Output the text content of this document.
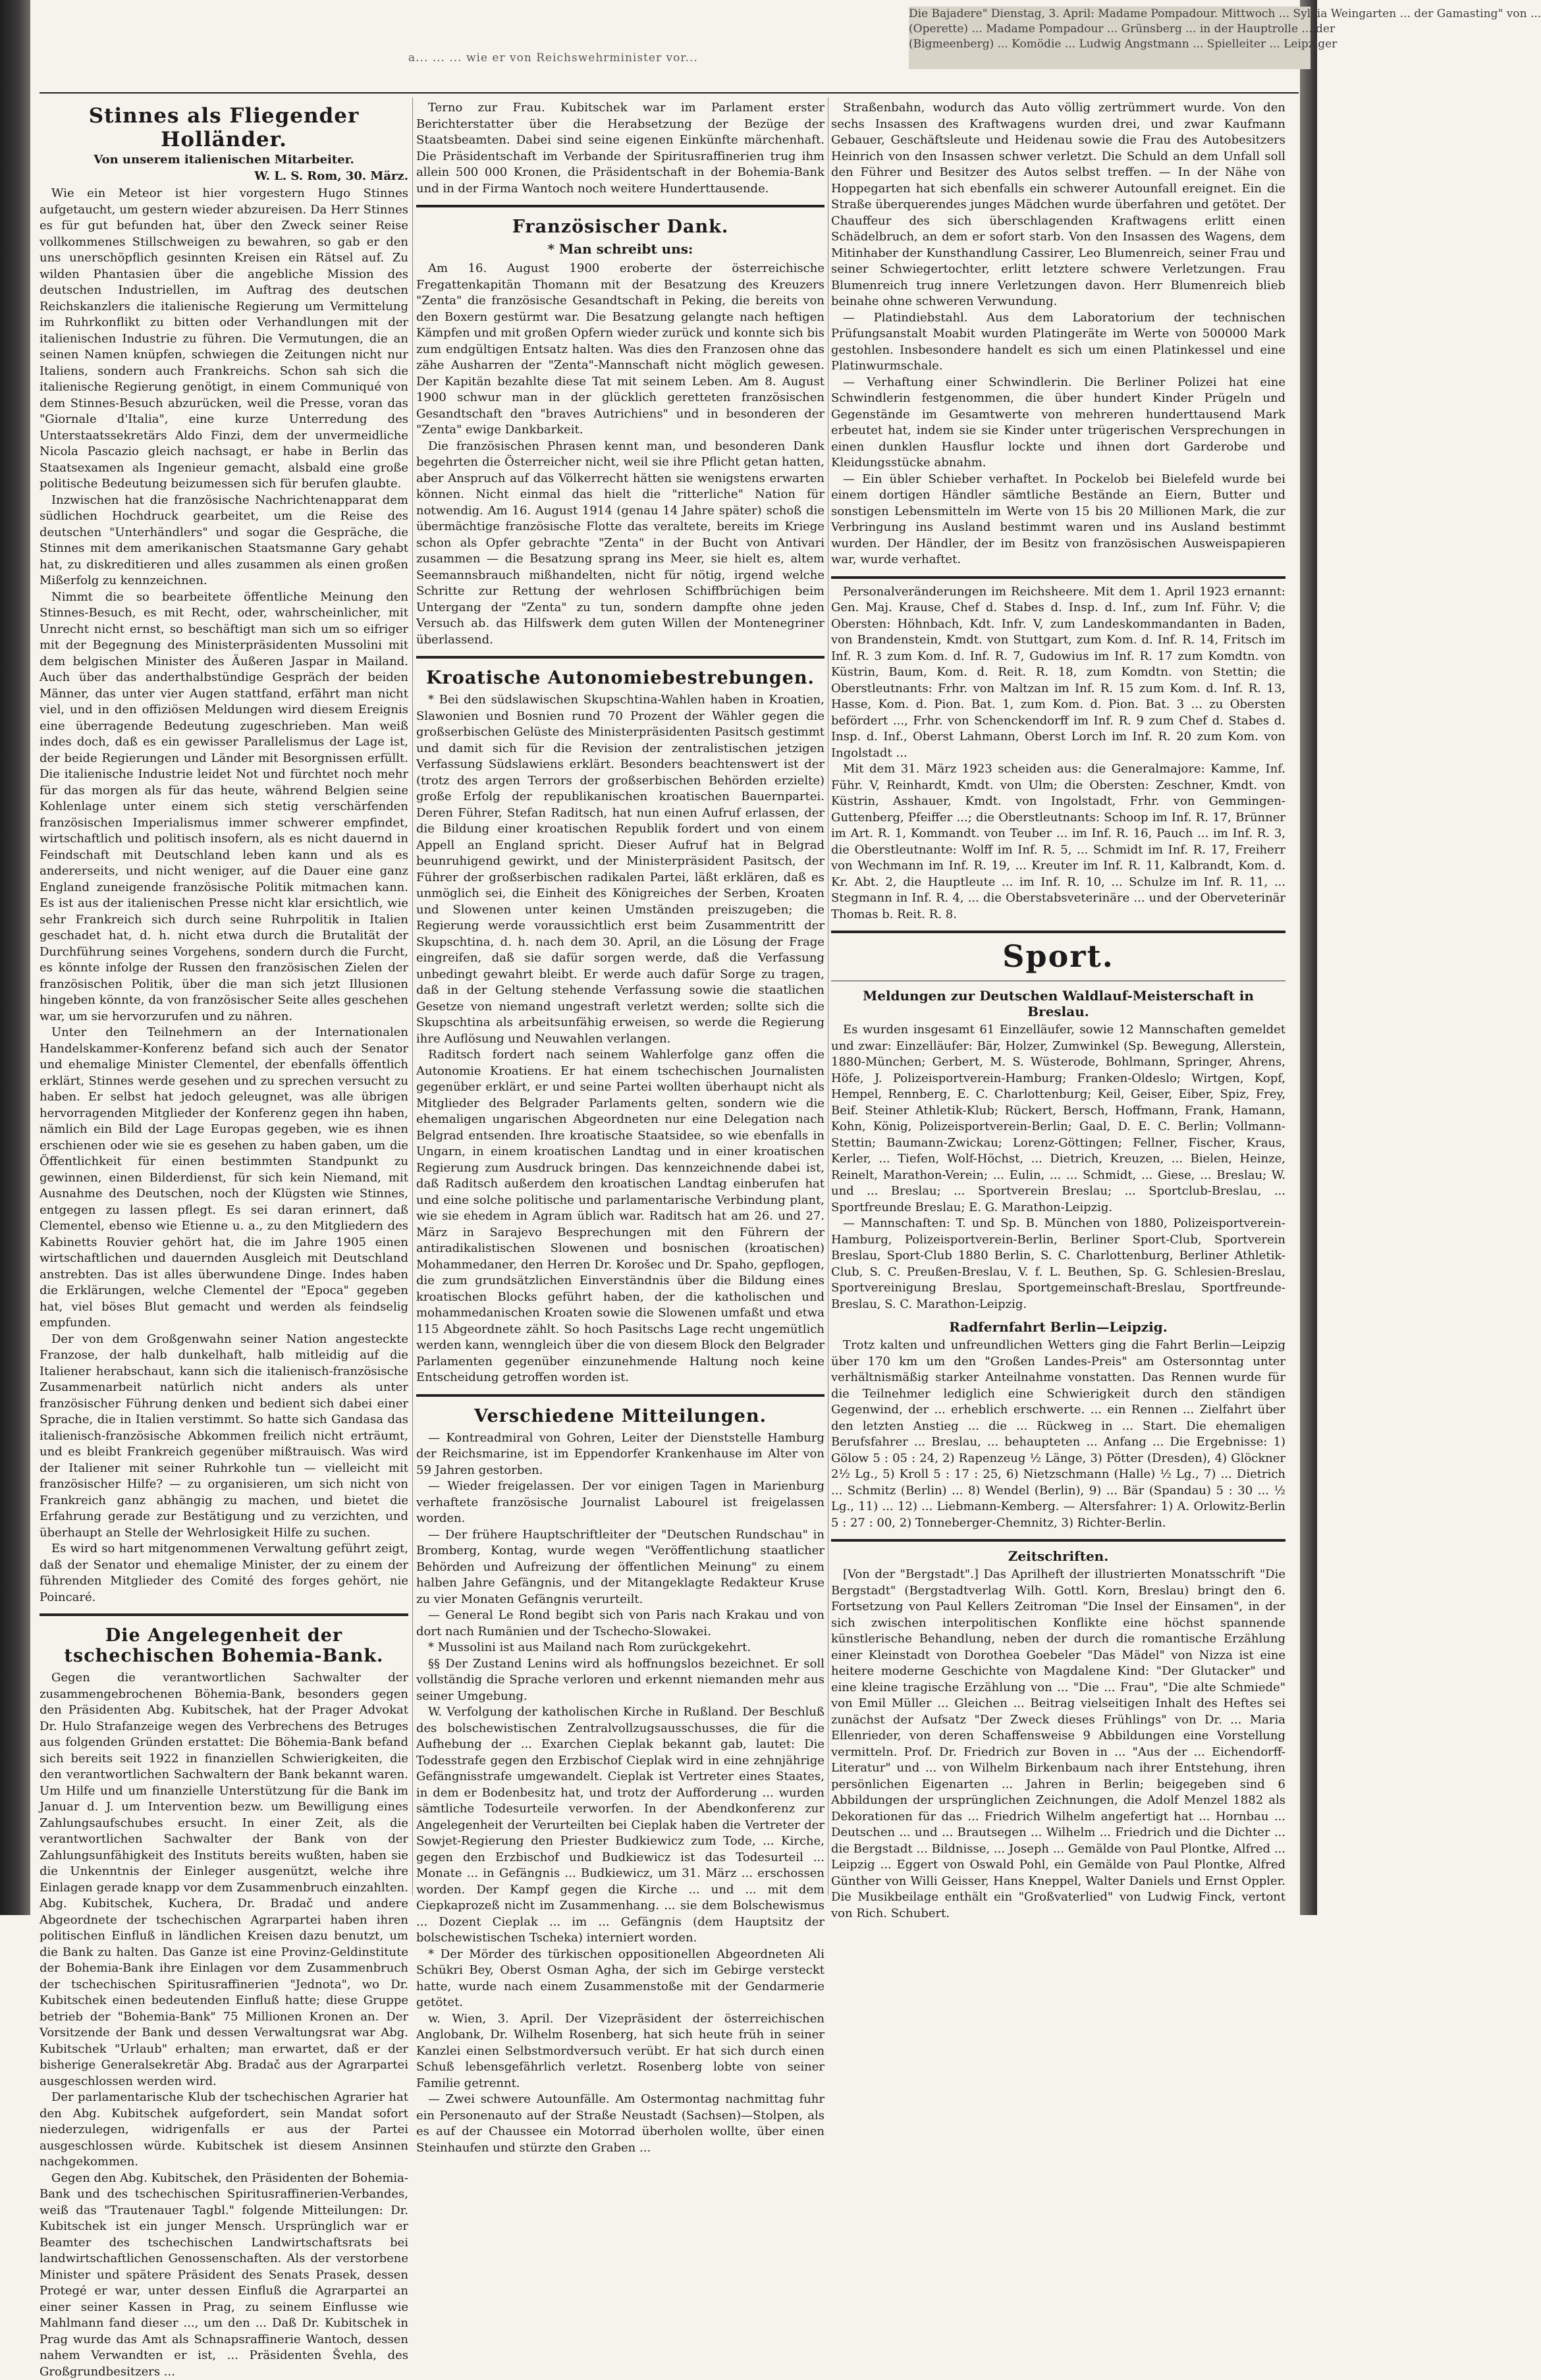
Die Bajadere" Dienstag, 3. April: Madame Pompadour. Mittwoch ... Sylvia Weingarten ... der Gamasting" von ...

(Operette) ... Madame Pompadour ... Grünsberg ... in der Hauptrolle ... der

(Bigmeenberg) ... Komödie ... Ludwig Angstmann ... Spielleiter ... Leipziger

a... ... ... wie er von Reichswehrminister vor...
Stinnes als Fliegender Holländer.
Von unserem italienischen Mitarbeiter.
W. L. S. Rom, 30. März.

Wie ein Meteor ist hier vorgestern Hugo Stinnes aufgetaucht, um gestern wieder abzureisen. Da Herr Stinnes es für gut befunden hat, über den Zweck seiner Reise vollkommenes Stillschweigen zu bewahren, so gab er den uns unerschöpflich gesinnten Kreisen ein Rätsel auf. Zu wilden Phantasien über die angebliche Mission des deutschen Industriellen, im Auftrag des deutschen Reichskanzlers die italienische Regierung um Vermittelung im Ruhrkonflikt zu bitten oder Verhandlungen mit der italienischen Industrie zu führen. Die Vermutungen, die an seinen Namen knüpfen, schwiegen die Zeitungen nicht nur Italiens, sondern auch Frankreichs. Schon sah sich die italienische Regierung genötigt, in einem Communiqué von dem Stinnes-Besuch abzurücken, weil die Presse, voran das "Giornale d'Italia", eine kurze Unterredung des Unterstaatssekretärs Aldo Finzi, dem der unvermeidliche Nicola Pascazio gleich nachsagt, er habe in Berlin das Staatsexamen als Ingenieur gemacht, alsbald eine große politische Bedeutung beizumessen sich für berufen glaubte.

Inzwischen hat die französische Nachrichtenapparat dem südlichen Hochdruck gearbeitet, um die Reise des deutschen "Unterhändlers" und sogar die Gespräche, die Stinnes mit dem amerikanischen Staatsmanne Gary gehabt hat, zu diskreditieren und alles zusammen als einen großen Mißerfolg zu kennzeichnen.

Nimmt die so bearbeitete öffentliche Meinung den Stinnes-Besuch, es mit Recht, oder, wahrscheinlicher, mit Unrecht nicht ernst, so beschäftigt man sich um so eifriger mit der Begegnung des Ministerpräsidenten Mussolini mit dem belgischen Minister des Äußeren Jaspar in Mailand. Auch über das anderthalbstündige Gespräch der beiden Männer, das unter vier Augen stattfand, erfährt man nicht viel, und in den offiziösen Meldungen wird diesem Ereignis eine überragende Bedeutung zugeschrieben. Man weiß indes doch, daß es ein gewisser Parallelismus der Lage ist, der beide Regierungen und Länder mit Besorgnissen erfüllt. Die italienische Industrie leidet Not und fürchtet noch mehr für das morgen als für das heute, während Belgien seine Kohlenlage unter einem sich stetig verschärfenden französischen Imperialismus immer schwerer empfindet, wirtschaftlich und politisch insofern, als es nicht dauernd in Feindschaft mit Deutschland leben kann und als es andererseits, und nicht weniger, auf die Dauer eine ganz England zuneigende französische Politik mitmachen kann. Es ist aus der italienischen Presse nicht klar ersichtlich, wie sehr Frankreich sich durch seine Ruhrpolitik in Italien geschadet hat, d. h. nicht etwa durch die Brutalität der Durchführung seines Vorgehens, sondern durch die Furcht, es könnte infolge der Russen den französischen Zielen der französischen Politik, über die man sich jetzt Illusionen hingeben könnte, da von französischer Seite alles geschehen war, um sie hervorzurufen und zu nähren.

Unter den Teilnehmern an der Internationalen Handelskammer-Konferenz befand sich auch der Senator und ehemalige Minister Clementel, der ebenfalls öffentlich erklärt, Stinnes werde gesehen und zu sprechen versucht zu haben. Er selbst hat jedoch geleugnet, was alle übrigen hervorragenden Mitglieder der Konferenz gegen ihn haben, nämlich ein Bild der Lage Europas gegeben, wie es ihnen erschienen oder wie sie es gesehen zu haben gaben, um die Öffentlichkeit für einen bestimmten Standpunkt zu gewinnen, einen Bilderdienst, für sich kein Niemand, mit Ausnahme des Deutschen, noch der Klügsten wie Stinnes, entgegen zu lassen pflegt. Es sei daran erinnert, daß Clementel, ebenso wie Etienne u. a., zu den Mitgliedern des Kabinetts Rouvier gehört hat, die im Jahre 1905 einen wirtschaftlichen und dauernden Ausgleich mit Deutschland anstrebten. Das ist alles überwundene Dinge. Indes haben die Erklärungen, welche Clementel der "Epoca" gegeben hat, viel böses Blut gemacht und werden als feindselig empfunden.

Der von dem Großgenwahn seiner Nation angesteckte Franzose, der halb dunkelhaft, halb mitleidig auf die Italiener herabschaut, kann sich die italienisch-französische Zusammenarbeit natürlich nicht anders als unter französischer Führung denken und bedient sich dabei einer Sprache, die in Italien verstimmt. So hatte sich Gandasa das italienisch-französische Abkommen freilich nicht erträumt, und es bleibt Frankreich gegenüber mißtrauisch. Was wird der Italiener mit seiner Ruhrkohle tun — vielleicht mit französischer Hilfe? — zu organisieren, um sich nicht von Frankreich ganz abhängig zu machen, und bietet die Erfahrung gerade zur Bestätigung und zu verzichten, und überhaupt an Stelle der Wehrlosigkeit Hilfe zu suchen.

Es wird so hart mitgenommenen Verwaltung geführt zeigt, daß der Senator und ehemalige Minister, der zu einem der führenden Mitglieder des Comité des forges gehört, nie Poincaré.

Die Angelegenheit der tschechischen Bohemia-Bank.

Gegen die verantwortlichen Sachwalter der zusammengebrochenen Böhemia-Bank, besonders gegen den Präsidenten Abg. Kubitschek, hat der Prager Advokat Dr. Hulo Strafanzeige wegen des Verbrechens des Betruges aus folgenden Gründen erstattet: Die Böhemia-Bank befand sich bereits seit 1922 in finanziellen Schwierigkeiten, die den verantwortlichen Sachwaltern der Bank bekannt waren. Um Hilfe und um finanzielle Unterstützung für die Bank im Januar d. J. um Intervention bezw. um Bewilligung eines Zahlungsaufschubes ersucht. In einer Zeit, als die verantwortlichen Sachwalter der Bank von der Zahlungsunfähigkeit des Instituts bereits wußten, haben sie die Unkenntnis der Einleger ausgenützt, welche ihre Einlagen gerade knapp vor dem Zusammenbruch einzahlten. Abg. Kubitschek, Kuchera, Dr. Bradač und andere Abgeordnete der tschechischen Agrarpartei haben ihren politischen Einfluß in ländlichen Kreisen dazu benutzt, um die Bank zu halten. Das Ganze ist eine Provinz-Geldinstitute der Bohemia-Bank ihre Einlagen vor dem Zusammenbruch der tschechischen Spiritusraffinerien "Jednota", wo Dr. Kubitschek einen bedeutenden Einfluß hatte; diese Gruppe betrieb der "Bohemia-Bank" 75 Millionen Kronen an. Der Vorsitzende der Bank und dessen Verwaltungsrat war Abg. Kubitschek "Urlaub" erhalten; man erwartet, daß er der bisherige Generalsekretär Abg. Bradač aus der Agrarpartei ausgeschlossen werden wird.

Der parlamentarische Klub der tschechischen Agrarier hat den Abg. Kubitschek aufgefordert, sein Mandat sofort niederzulegen, widrigenfalls er aus der Partei ausgeschlossen würde. Kubitschek ist diesem Ansinnen nachgekommen.

Gegen den Abg. Kubitschek, den Präsidenten der Bohemia-Bank und des tschechischen Spiritusraffinerien-Verbandes, weiß das "Trautenauer Tagbl." folgende Mitteilungen: Dr. Kubitschek ist ein junger Mensch. Ursprünglich war er Beamter des tschechischen Landwirtschaftsrats bei landwirtschaftlichen Genossenschaften. Als der verstorbene Minister und spätere Präsident des Senats Prasek, dessen Protegé er war, unter dessen Einfluß die Agrarpartei an einer seiner Kassen in Prag, zu seinem Einflusse wie Mahlmann fand dieser ..., um den ... Daß Dr. Kubitschek in Prag wurde das Amt als Schnapsraffinerie Wantoch, dessen nahem Verwandten er ist, ... Präsidenten Švehla, des Großgrundbesitzers ...

Terno zur Frau. Kubitschek war im Parlament erster Berichterstatter über die Herabsetzung der Bezüge der Staatsbeamten. Dabei sind seine eigenen Einkünfte märchenhaft. Die Präsidentschaft im Verbande der Spiritusraffinerien trug ihm allein 500 000 Kronen, die Präsidentschaft in der Bohemia-Bank und in der Firma Wantoch noch weitere Hunderttausende.

Französischer Dank.
* Man schreibt uns:

Am 16. August 1900 eroberte der österreichische Fregattenkapitän Thomann mit der Besatzung des Kreuzers "Zenta" die französische Gesandtschaft in Peking, die bereits von den Boxern gestürmt war. Die Besatzung gelangte nach heftigen Kämpfen und mit großen Opfern wieder zurück und konnte sich bis zum endgültigen Entsatz halten. Was dies den Franzosen ohne das zähe Ausharren der "Zenta"-Mannschaft nicht möglich gewesen. Der Kapitän bezahlte diese Tat mit seinem Leben. Am 8. August 1900 schwur man in der glücklich geretteten französischen Gesandtschaft den "braves Autrichiens" und in besonderen der "Zenta" ewige Dankbarkeit.

Die französischen Phrasen kennt man, und besonderen Dank begehrten die Österreicher nicht, weil sie ihre Pflicht getan hatten, aber Anspruch auf das Völkerrecht hätten sie wenigstens erwarten können. Nicht einmal das hielt die "ritterliche" Nation für notwendig. Am 16. August 1914 (genau 14 Jahre später) schoß die übermächtige französische Flotte das veraltete, bereits im Kriege schon als Opfer gebrachte "Zenta" in der Bucht von Antivari zusammen — die Besatzung sprang ins Meer, sie hielt es, altem Seemannsbrauch mißhandelten, nicht für nötig, irgend welche Schritte zur Rettung der wehrlosen Schiffbrüchigen beim Untergang der "Zenta" zu tun, sondern dampfte ohne jeden Versuch ab. das Hilfswerk dem guten Willen der Montenegriner überlassend.

Kroatische Autonomiebestrebungen.

* Bei den südslawischen Skupschtina-Wahlen haben in Kroatien, Slawonien und Bosnien rund 70 Prozent der Wähler gegen die großserbischen Gelüste des Ministerpräsidenten Pasitsch gestimmt und damit sich für die Revision der zentralistischen jetzigen Verfassung Südslawiens erklärt. Besonders beachtenswert ist der (trotz des argen Terrors der großserbischen Behörden erzielte) große Erfolg der republikanischen kroatischen Bauernpartei. Deren Führer, Stefan Raditsch, hat nun einen Aufruf erlassen, der die Bildung einer kroatischen Republik fordert und von einem Appell an England spricht. Dieser Aufruf hat in Belgrad beunruhigend gewirkt, und der Ministerpräsident Pasitsch, der Führer der großserbischen radikalen Partei, läßt erklären, daß es unmöglich sei, die Einheit des Königreiches der Serben, Kroaten und Slowenen unter keinen Umständen preiszugeben; die Regierung werde voraussichtlich erst beim Zusammentritt der Skupschtina, d. h. nach dem 30. April, an die Lösung der Frage eingreifen, daß sie dafür sorgen werde, daß die Verfassung unbedingt gewahrt bleibt. Er werde auch dafür Sorge zu tragen, daß in der Geltung stehende Verfassung sowie die staatlichen Gesetze von niemand ungestraft verletzt werden; sollte sich die Skupschtina als arbeitsunfähig erweisen, so werde die Regierung ihre Auflösung und Neuwahlen verlangen.

Raditsch fordert nach seinem Wahlerfolge ganz offen die Autonomie Kroatiens. Er hat einem tschechischen Journalisten gegenüber erklärt, er und seine Partei wollten überhaupt nicht als Mitglieder des Belgrader Parlaments gelten, sondern wie die ehemaligen ungarischen Abgeordneten nur eine Delegation nach Belgrad entsenden. Ihre kroatische Staatsidee, so wie ebenfalls in Ungarn, in einem kroatischen Landtag und in einer kroatischen Regierung zum Ausdruck bringen. Das kennzeichnende dabei ist, daß Raditsch außerdem den kroatischen Landtag einberufen hat und eine solche politische und parlamentarische Verbindung plant, wie sie ehedem in Agram üblich war. Raditsch hat am 26. und 27. März in Sarajevo Besprechungen mit den Führern der antiradikalistischen Slowenen und bosnischen (kroatischen) Mohammedaner, den Herren Dr. Korošec und Dr. Spaho, gepflogen, die zum grundsätzlichen Einverständnis über die Bildung eines kroatischen Blocks geführt haben, der die katholischen und mohammedanischen Kroaten sowie die Slowenen umfaßt und etwa 115 Abgeordnete zählt. So hoch Pasitschs Lage recht ungemütlich werden kann, wenngleich über die von diesem Block den Belgrader Parlamenten gegenüber einzunehmende Haltung noch keine Entscheidung getroffen worden ist.

Verschiedene Mitteilungen.

— Kontreadmiral von Gohren, Leiter der Dienststelle Hamburg der Reichsmarine, ist im Eppendorfer Krankenhause im Alter von 59 Jahren gestorben.

— Wieder freigelassen. Der vor einigen Tagen in Marienburg verhaftete französische Journalist Labourel ist freigelassen worden.

— Der frühere Hauptschriftleiter der "Deutschen Rundschau" in Bromberg, Kontag, wurde wegen "Veröffentlichung staatlicher Behörden und Aufreizung der öffentlichen Meinung" zu einem halben Jahre Gefängnis, und der Mitangeklagte Redakteur Kruse zu vier Monaten Gefängnis verurteilt.

— General Le Rond begibt sich von Paris nach Krakau und von dort nach Rumänien und der Tschecho-Slowakei.

* Mussolini ist aus Mailand nach Rom zurückgekehrt.

§§ Der Zustand Lenins wird als hoffnungslos bezeichnet. Er soll vollständig die Sprache verloren und erkennt niemanden mehr aus seiner Umgebung.

W. Verfolgung der katholischen Kirche in Rußland. Der Beschluß des bolschewistischen Zentralvollzugsausschusses, die für die Aufhebung der ... Exarchen Cieplak bekannt gab, lautet: Die Todesstrafe gegen den Erzbischof Cieplak wird in eine zehnjährige Gefängnisstrafe umgewandelt. Cieplak ist Vertreter eines Staates, in dem er Bodenbesitz hat, und trotz der Aufforderung ... wurden sämtliche Todesurteile verworfen. In der Abendkonferenz zur Angelegenheit der Verurteilten bei Cieplak haben die Vertreter der Sowjet-Regierung den Priester Budkiewicz zum Tode, ... Kirche, gegen den Erzbischof und Budkiewicz ist das Todesurteil ... Monate ... in Gefängnis ... Budkiewicz, um 31. März ... erschossen worden. Der Kampf gegen die Kirche ... und ... mit dem Ciepkaprozeß nicht im Zusammenhang. ... sie dem Bolschewismus ... Dozent Cieplak ... im ... Gefängnis (dem Hauptsitz der bolschewistischen Tscheka) interniert worden.

* Der Mörder des türkischen oppositionellen Abgeordneten Ali Schükri Bey, Oberst Osman Agha, der sich im Gebirge versteckt hatte, wurde nach einem Zusammenstoße mit der Gendarmerie getötet.

w. Wien, 3. April. Der Vizepräsident der österreichischen Anglobank, Dr. Wilhelm Rosenberg, hat sich heute früh in seiner Kanzlei einen Selbstmordversuch verübt. Er hat sich durch einen Schuß lebensgefährlich verletzt. Rosenberg lobte von seiner Familie getrennt.

— Zwei schwere Autounfälle. Am Ostermontag nachmittag fuhr ein Personenauto auf der Straße Neustadt (Sachsen)—Stolpen, als es auf der Chaussee ein Motorrad überholen wollte, über einen Steinhaufen und stürzte den Graben ...

Straßenbahn, wodurch das Auto völlig zertrümmert wurde. Von den sechs Insassen des Kraftwagens wurden drei, und zwar Kaufmann Gebauer, Geschäftsleute und Heidenau sowie die Frau des Autobesitzers Heinrich von den Insassen schwer verletzt. Die Schuld an dem Unfall soll den Führer und Besitzer des Autos selbst treffen. — In der Nähe von Hoppegarten hat sich ebenfalls ein schwerer Autounfall ereignet. Ein die Straße überquerendes junges Mädchen wurde überfahren und getötet. Der Chauffeur des sich überschlagenden Kraftwagens erlitt einen Schädelbruch, an dem er sofort starb. Von den Insassen des Wagens, dem Mitinhaber der Kunsthandlung Cassirer, Leo Blumenreich, seiner Frau und seiner Schwiegertochter, erlitt letztere schwere Verletzungen. Frau Blumenreich trug innere Verletzungen davon. Herr Blumenreich blieb beinahe ohne schweren Verwundung.

— Platindiebstahl. Aus dem Laboratorium der technischen Prüfungsanstalt Moabit wurden Platingeräte im Werte von 500000 Mark gestohlen. Insbesondere handelt es sich um einen Platinkessel und eine Platinwurmschale.

— Verhaftung einer Schwindlerin. Die Berliner Polizei hat eine Schwindlerin festgenommen, die über hundert Kinder Prügeln und Gegenstände im Gesamtwerte von mehreren hunderttausend Mark erbeutet hat, indem sie sie Kinder unter trügerischen Versprechungen in einen dunklen Hausflur lockte und ihnen dort Garderobe und Kleidungsstücke abnahm.

— Ein übler Schieber verhaftet. In Pockelob bei Bielefeld wurde bei einem dortigen Händler sämtliche Bestände an Eiern, Butter und sonstigen Lebensmitteln im Werte von 15 bis 20 Millionen Mark, die zur Verbringung ins Ausland bestimmt waren und ins Ausland bestimmt wurden. Der Händler, der im Besitz von französischen Ausweispapieren war, wurde verhaftet.

Personalveränderungen im Reichsheere. Mit dem 1. April 1923 ernannt: Gen. Maj. Krause, Chef d. Stabes d. Insp. d. Inf., zum Inf. Führ. V; die Obersten: Höhnbach, Kdt. Infr. V, zum Landeskommandanten in Baden, von Brandenstein, Kmdt. von Stuttgart, zum Kom. d. Inf. R. 14, Fritsch im Inf. R. 3 zum Kom. d. Inf. R. 7, Gudowius im Inf. R. 17 zum Komdtn. von Küstrin, Baum, Kom. d. Reit. R. 18, zum Komdtn. von Stettin; die Oberstleutnants: Frhr. von Maltzan im Inf. R. 15 zum Kom. d. Inf. R. 13, Hasse, Kom. d. Pion. Bat. 1, zum Kom. d. Pion. Bat. 3 ... zu Obersten befördert ..., Frhr. von Schenckendorff im Inf. R. 9 zum Chef d. Stabes d. Insp. d. Inf., Oberst Lahmann, Oberst Lorch im Inf. R. 20 zum Kom. von Ingolstadt ...

Mit dem 31. März 1923 scheiden aus: die Generalmajore: Kamme, Inf. Führ. V, Reinhardt, Kmdt. von Ulm; die Obersten: Zeschner, Kmdt. von Küstrin, Asshauer, Kmdt. von Ingolstadt, Frhr. von Gemmingen-Guttenberg, Pfeiffer ...; die Oberstleutnants: Schoop im Inf. R. 17, Brünner im Art. R. 1, Kommandt. von Teuber ... im Inf. R. 16, Pauch ... im Inf. R. 3, die Oberstleutnante: Wolff im Inf. R. 5, ... Schmidt im Inf. R. 17, Freiherr von Wechmann im Inf. R. 19, ... Kreuter im Inf. R. 11, Kalbrandt, Kom. d. Kr. Abt. 2, die Hauptleute ... im Inf. R. 10, ... Schulze im Inf. R. 11, ... Stegmann in Inf. R. 4, ... die Oberstabsveterinäre ... und der Oberveterinär Thomas b. Reit. R. 8.

Sport.
Meldungen zur Deutschen Waldlauf-Meisterschaft in Breslau.

Es wurden insgesamt 61 Einzelläufer, sowie 12 Mannschaften gemeldet und zwar: Einzelläufer: Bär, Holzer, Zumwinkel (Sp. Bewegung, Allerstein, 1880-München; Gerbert, M. S. Wüsterode, Bohlmann, Springer, Ahrens, Höfe, J. Polizeisportverein-Hamburg; Franken-Oldeslo; Wirtgen, Kopf, Hempel, Rennberg, E. C. Charlottenburg; Keil, Geiser, Eiber, Spiz, Frey, Beif. Steiner Athletik-Klub; Rückert, Bersch, Hoffmann, Frank, Hamann, Kohn, König, Polizeisportverein-Berlin; Gaal, D. E. C. Berlin; Vollmann-Stettin; Baumann-Zwickau; Lorenz-Göttingen; Fellner, Fischer, Kraus, Kerler, ... Tiefen, Wolf-Höchst, ... Dietrich, Kreuzen, ... Bielen, Heinze, Reinelt, Marathon-Verein; ... Eulin, ... ... Schmidt, ... Giese, ... Breslau; W. und ... Breslau; ... Sportverein Breslau; ... Sportclub-Breslau, ... Sportfreunde Breslau; E. G. Marathon-Leipzig.

— Mannschaften: T. und Sp. B. München von 1880, Polizeisportverein-Hamburg, Polizeisportverein-Berlin, Berliner Sport-Club, Sportverein Breslau, Sport-Club 1880 Berlin, S. C. Charlottenburg, Berliner Athletik-Club, S. C. Preußen-Breslau, V. f. L. Beuthen, Sp. G. Schlesien-Breslau, Sportvereinigung Breslau, Sportgemeinschaft-Breslau, Sportfreunde-Breslau, S. C. Marathon-Leipzig.

Radfernfahrt Berlin—Leipzig.

Trotz kalten und unfreundlichen Wetters ging die Fahrt Berlin—Leipzig über 170 km um den "Großen Landes-Preis" am Ostersonntag unter verhältnismäßig starker Anteilnahme vonstatten. Das Rennen wurde für die Teilnehmer lediglich eine Schwierigkeit durch den ständigen Gegenwind, der ... erheblich erschwerte. ... ein Rennen ... Zielfahrt über den letzten Anstieg ... die ... Rückweg in ... Start. Die ehemaligen Berufsfahrer ... Breslau, ... behaupteten ... Anfang ... Die Ergebnisse: 1) Gölow 5 : 05 : 24, 2) Rapenzeug ½ Länge, 3) Pötter (Dresden), 4) Glöckner 2½ Lg., 5) Kroll 5 : 17 : 25, 6) Nietzschmann (Halle) ½ Lg., 7) ... Dietrich ... Schmitz (Berlin) ... 8) Wendel (Berlin), 9) ... Bär (Spandau) 5 : 30 ... ½ Lg., 11) ... 12) ... Liebmann-Kemberg. — Altersfahrer: 1) A. Orlowitz-Berlin 5 : 27 : 00, 2) Tonneberger-Chemnitz, 3) Richter-Berlin.

Zeitschriften.

[Von der "Bergstadt".] Das Aprilheft der illustrierten Monatsschrift "Die Bergstadt" (Bergstadtverlag Wilh. Gottl. Korn, Breslau) bringt den 6. Fortsetzung von Paul Kellers Zeitroman "Die Insel der Einsamen", in der sich zwischen interpolitischen Konflikte eine höchst spannende künstlerische Behandlung, neben der durch die romantische Erzählung einer Kleinstadt von Dorothea Goebeler "Das Mädel" von Nizza ist eine heitere moderne Geschichte von Magdalene Kind: "Der Glutacker" und eine kleine tragische Erzählung von ... "Die ... Frau", "Die alte Schmiede" von Emil Müller ... Gleichen ... Beitrag vielseitigen Inhalt des Heftes sei zunächst der Aufsatz "Der Zweck dieses Frühlings" von Dr. ... Maria Ellenrieder, von deren Schaffensweise 9 Abbildungen eine Vorstellung vermitteln. Prof. Dr. Friedrich zur Boven in ... "Aus der ... Eichendorff-Literatur" und ... von Wilhelm Birkenbaum nach ihrer Entstehung, ihren persönlichen Eigenarten ... Jahren in Berlin; beigegeben sind 6 Abbildungen der ursprünglichen Zeichnungen, die Adolf Menzel 1882 als Dekorationen für das ... Friedrich Wilhelm angefertigt hat ... Hornbau ... Deutschen ... und ... Brautsegen ... Wilhelm ... Friedrich und die Dichter ... die Bergstadt ... Bildnisse, ... Joseph ... Gemälde von Paul Plontke, Alfred ... Leipzig ... Eggert von Oswald Pohl, ein Gemälde von Paul Plontke, Alfred Günther von Willi Geisser, Hans Kneppel, Walter Daniels und Ernst Oppler. Die Musikbeilage enthält ein "Großvaterlied" von Ludwig Finck, vertont von Rich. Schubert.
